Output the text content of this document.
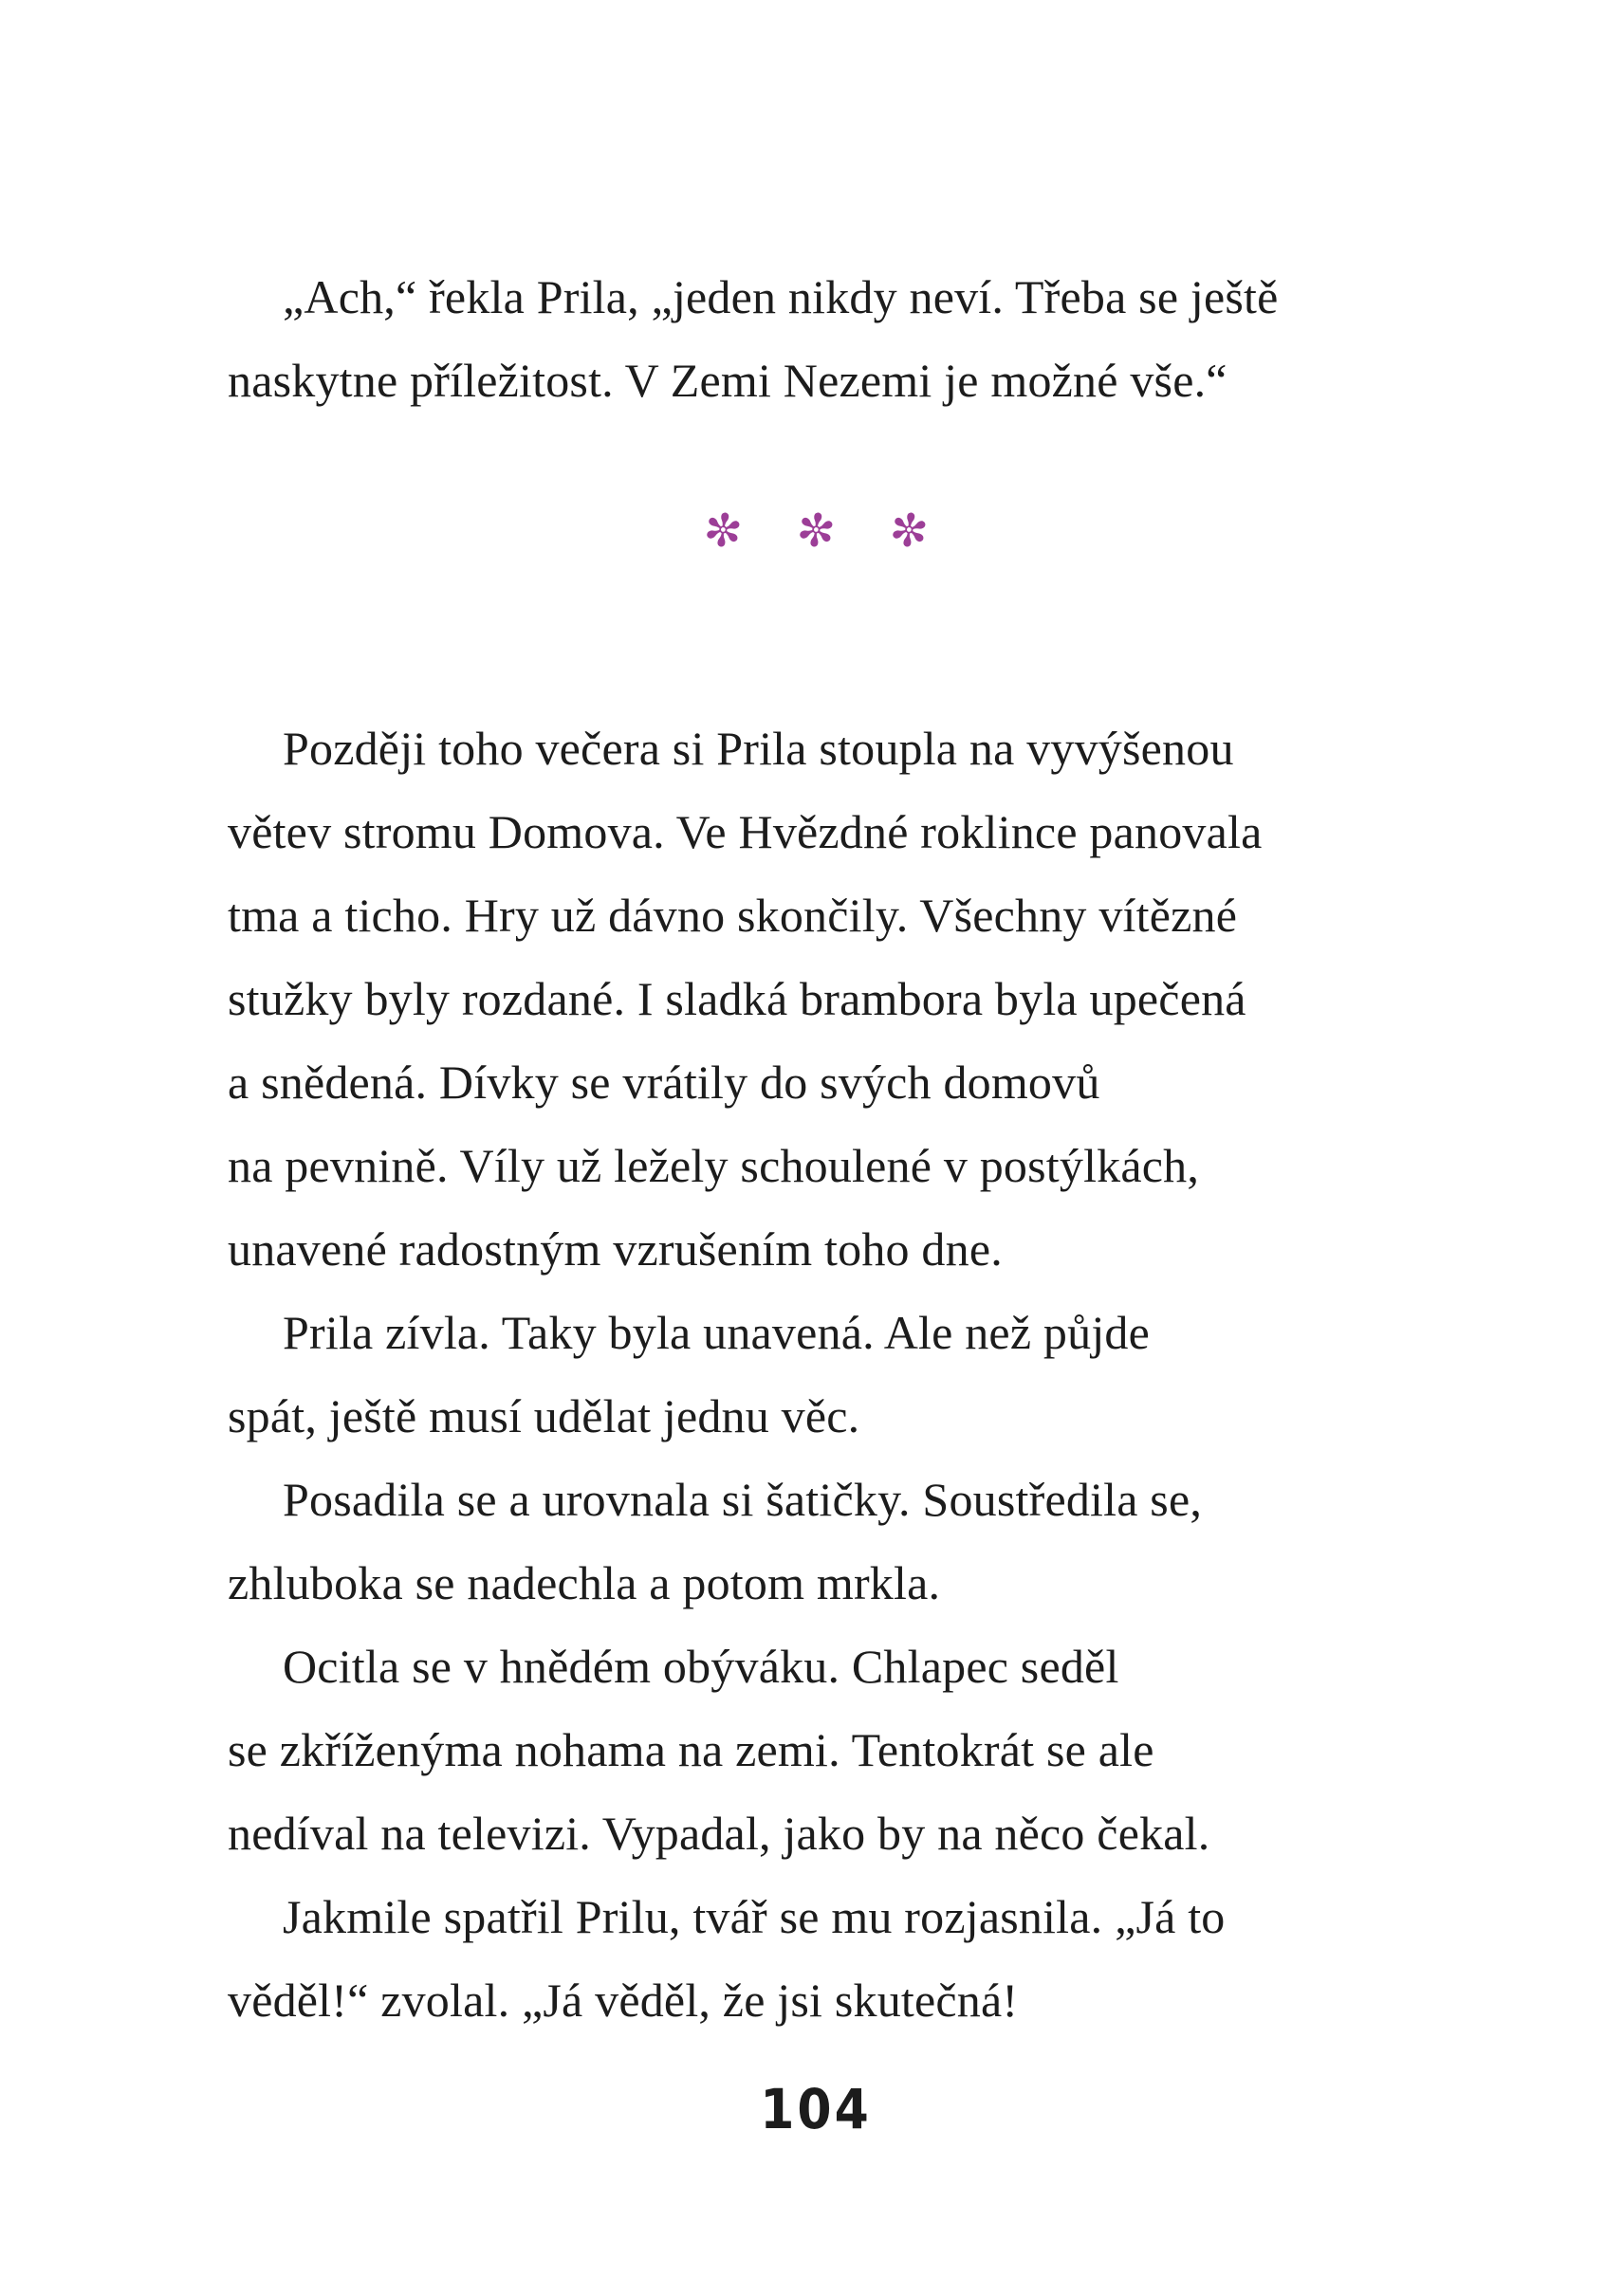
„Ach,“ řekla Prila, „jeden nikdy neví. Třeba se ještě
naskytne příležitost. V Zemi Nezemi je možné vše.“
✼ ✼ ✼
Později toho večera si Prila stoupla na vyvýšenou
větev stromu Domova. Ve Hvězdné roklince panovala
tma a ticho. Hry už dávno skončily. Všechny vítězné
stužky byly rozdané. I sladká brambora byla upečená
a snědená. Dívky se vrátily do svých domovů
na pevnině. Víly už ležely schoulené v postýlkách,
unavené radostným vzrušením toho dne.
Prila zívla. Taky byla unavená. Ale než půjde
spát, ještě musí udělat jednu věc.
Posadila se a urovnala si šatičky. Soustředila se,
zhluboka se nadechla a potom mrkla.
Ocitla se v hnědém obýváku. Chlapec seděl
se zkříženýma nohama na zemi. Tentokrát se ale
nedíval na televizi. Vypadal, jako by na něco čekal.
Jakmile spatřil Prilu, tvář se mu rozjasnila. „Já to
věděl!“ zvolal. „Já věděl, že jsi skutečná!
104
